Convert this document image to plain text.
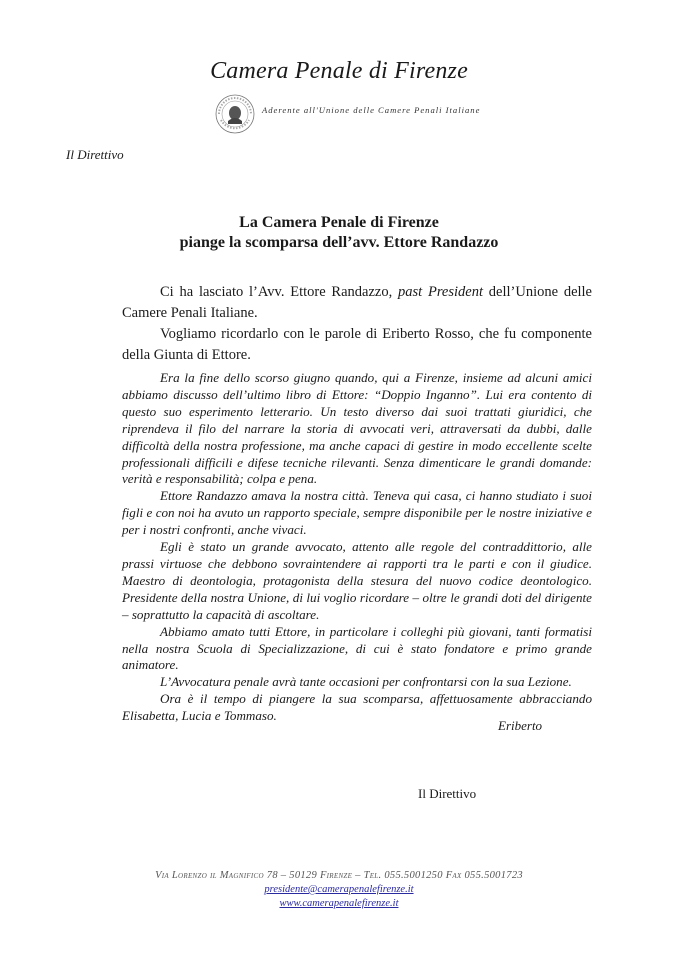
Camera Penale di Firenze
Aderente all'Unione delle Camere Penali Italiane
Il Direttivo
La Camera Penale di Firenze
piange la scomparsa dell’avv. Ettore Randazzo

Ci ha lasciato l’Avv. Ettore Randazzo, past President dell’Unione delle Camere Penali Italiane.

Vogliamo ricordarlo con le parole di Eriberto Rosso, che fu componente della Giunta di Ettore.

Era la fine dello scorso giugno quando, qui a Firenze, insieme ad alcuni amici abbiamo discusso dell’ultimo libro di Ettore: “Doppio Inganno”. Lui era contento di questo suo esperimento letterario. Un testo diverso dai suoi trattati giuridici, che riprendeva il filo del narrare la storia di avvocati veri, attraversati da dubbi, dalle difficoltà della nostra professione, ma anche capaci di gestire in modo eccellente scelte professionali difficili e difese tecniche rilevanti. Senza dimenticare le grandi domande: verità e responsabilità; colpa e pena.

Ettore Randazzo amava la nostra città. Teneva qui casa, ci hanno studiato i suoi figli e con noi ha avuto un rapporto speciale, sempre disponibile per le nostre iniziative e per i nostri confronti, anche vivaci.

Egli è stato un grande avvocato, attento alle regole del contraddittorio, alle prassi virtuose che debbono sovraintendere ai rapporti tra le parti e con il giudice. Maestro di deontologia, protagonista della stesura del nuovo codice deontologico. Presidente della nostra Unione, di lui voglio ricordare – oltre le grandi doti del dirigente – soprattutto la capacità di ascoltare.

Abbiamo amato tutti Ettore, in particolare i colleghi più giovani, tanti formatisi nella nostra Scuola di Specializzazione, di cui è stato fondatore e primo grande animatore.

L’Avvocatura penale avrà tante occasioni per confrontarsi con la sua Lezione.

Ora è il tempo di piangere la sua scomparsa, affettuosamente abbracciando Elisabetta, Lucia e Tommaso.

Eriberto
Il Direttivo
Via Lorenzo il Magnifico 78 – 50129 Firenze – Tel. 055.5001250 Fax 055.5001723
presidente@camerapenalefirenze.it
www.camerapenalefirenze.it
